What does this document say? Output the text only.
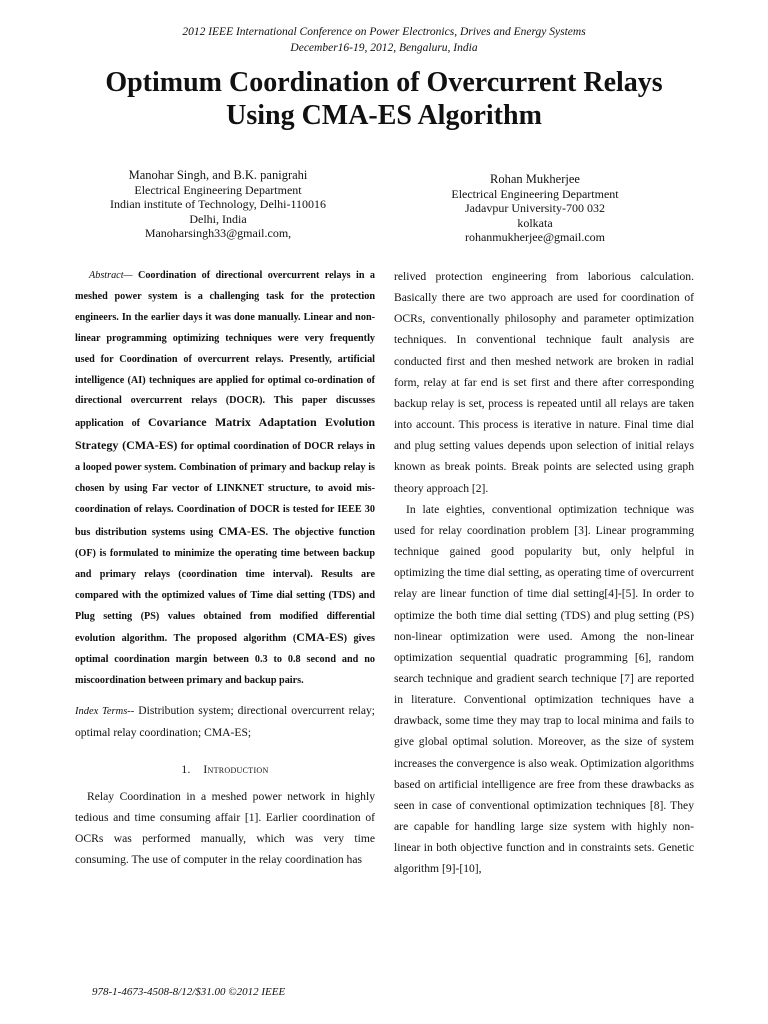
2012 IEEE International Conference on Power Electronics, Drives and Energy Systems
December16-19, 2012, Bengaluru, India
Optimum Coordination of Overcurrent Relays
Using CMA-ES Algorithm
Manohar Singh, and B.K. panigrahi
Electrical Engineering Department
Indian institute of Technology, Delhi-110016
Delhi, India
Manoharsingh33@gmail.com,
Rohan Mukherjee
Electrical Engineering Department
Jadavpur University-700 032
kolkata
rohanmukherjee@gmail.com

Abstract— Coordination of directional overcurrent relays in a meshed power system is a challenging task for the protection engineers. In the earlier days it was done manually. Linear and non-linear programming optimizing techniques were very frequently used for Coordination of overcurrent relays. Presently, artificial intelligence (AI) techniques are applied for optimal co-ordination of directional overcurrent relays (DOCR). This paper discusses application of Covariance Matrix Adaptation Evolution Strategy (CMA-ES) for optimal coordination of DOCR relays in a looped power system. Combination of primary and backup relay is chosen by using Far vector of LINKNET structure, to avoid mis-coordination of relays. Coordination of DOCR is tested for IEEE 30 bus distribution systems using CMA-ES. The objective function (OF) is formulated to minimize the operating time between backup and primary relays (coordination time interval). Results are compared with the optimized values of Time dial setting (TDS) and Plug setting (PS) values obtained from modified differential evolution algorithm. The proposed algorithm (CMA-ES) gives optimal coordination margin between 0.3 to 0.8 second and no miscoordination between primary and backup pairs.

Index Terms-- Distribution system; directional overcurrent relay; optimal relay coordination; CMA-ES;

1. Introduction

Relay Coordination in a meshed power network in highly tedious and time consuming affair [1]. Earlier coordination of OCRs was performed manually, which was very time consuming. The use of computer in the relay coordination has

relived protection engineering from laborious calculation. Basically there are two approach are used for coordination of OCRs, conventionally philosophy and parameter optimization techniques. In conventional technique fault analysis are conducted first and then meshed network are broken in radial form, relay at far end is set first and there after corresponding backup relay is set, process is repeated until all relays are taken into account. This process is iterative in nature. Final time dial and plug setting values depends upon selection of initial relays known as break points. Break points are selected using graph theory approach [2].

In late eighties, conventional optimization technique was used for relay coordination problem [3]. Linear programming technique gained good popularity but, only helpful in optimizing the time dial setting, as operating time of overcurrent relay are linear function of time dial setting[4]-[5]. In order to optimize the both time dial setting (TDS) and plug setting (PS) non-linear optimization were used. Among the non-linear optimization sequential quadratic programming [6], random search technique and gradient search technique [7] are reported in literature. Conventional optimization techniques have a drawback, some time they may trap to local minima and fails to give global optimal solution. Moreover, as the size of system increases the convergence is also weak. Optimization algorithms based on artificial intelligence are free from these drawbacks as seen in case of conventional optimization techniques [8]. They are capable for handling large size system with highly non-linear in both objective function and in constraints sets. Genetic algorithm [9]-[10],

978-1-4673-4508-8/12/$31.00 ©2012 IEEE
